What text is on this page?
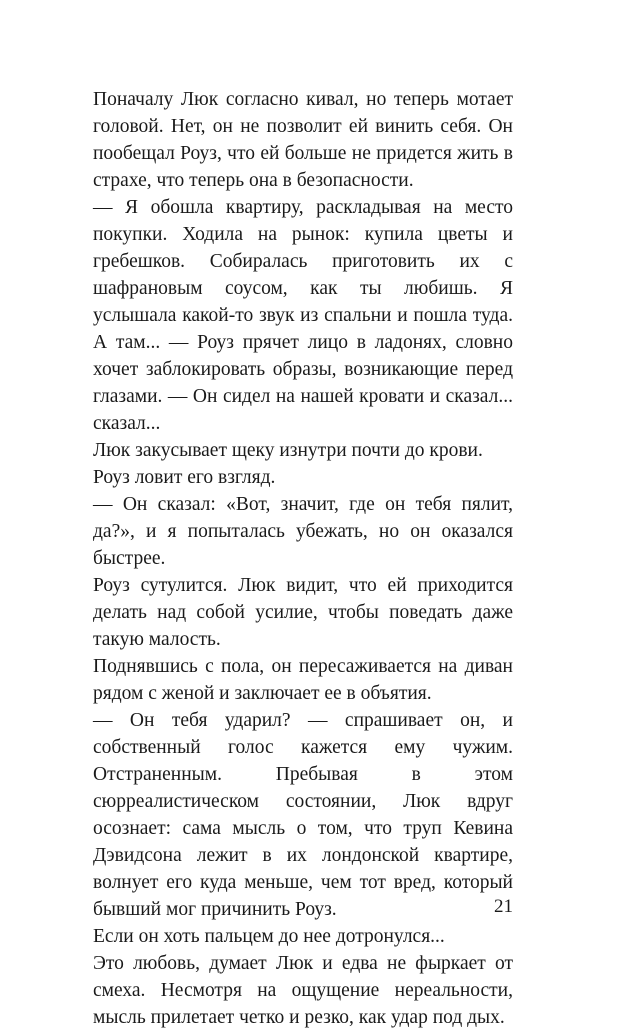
Поначалу Люк согласно кивал, но теперь мотает головой. Нет, он не позволит ей винить себя. Он пообещал Роуз, что ей больше не придется жить в страхе, что теперь она в безопасности.

— Я обошла квартиру, раскладывая на место покупки. Ходила на рынок: купила цветы и гребешков. Собиралась приготовить их с шафрановым соусом, как ты любишь. Я услышала какой-то звук из спальни и пошла туда. А там... — Роуз прячет лицо в ладонях, словно хочет заблокировать образы, возникающие перед глазами. — Он сидел на нашей кровати и сказал... сказал...

Люк закусывает щеку изнутри почти до крови.

Роуз ловит его взгляд.

— Он сказал: «Вот, значит, где он тебя пялит, да?», и я попыталась убежать, но он оказался быстрее.

Роуз сутулится. Люк видит, что ей приходится делать над собой усилие, чтобы поведать даже такую малость.

Поднявшись с пола, он пересаживается на диван рядом с женой и заключает ее в объятия.

— Он тебя ударил? — спрашивает он, и собственный голос кажется ему чужим. Отстраненным. Пребывая в этом сюрреалистическом состоянии, Люк вдруг осознает: сама мысль о том, что труп Кевина Дэвидсона лежит в их лондонской квартире, волнует его куда меньше, чем тот вред, который бывший мог причинить Роуз.

Если он хоть пальцем до нее дотронулся...

Это любовь, думает Люк и едва не фыркает от смеха. Несмотря на ощущение нереальности, мысль прилетает четко и резко, как удар под дых.

21
